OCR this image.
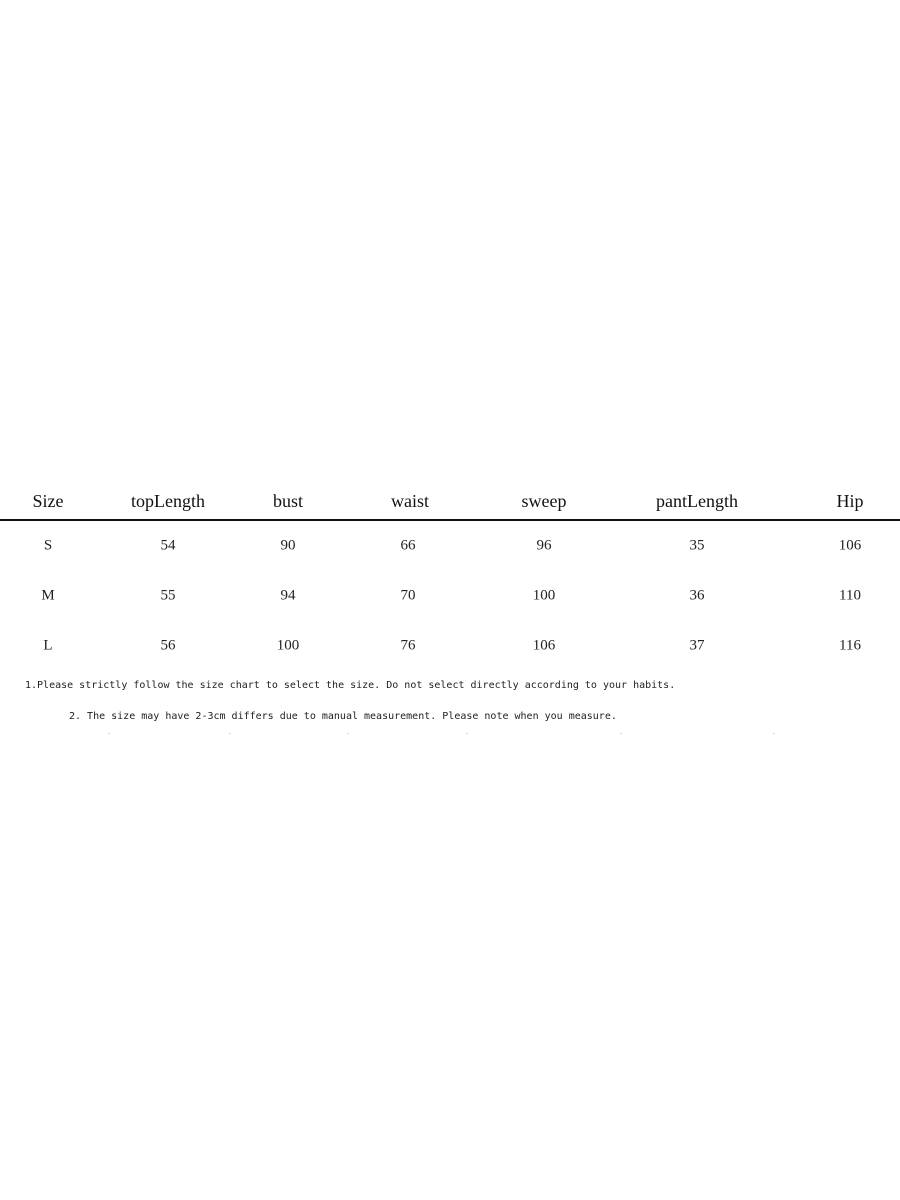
Size	topLength	bust	waist	sweep	pantLength	Hip
S	54	90	66	96	35	106
M	55	94	70	100	36	110
L	56	100	76	106	37	116
1.Please strictly follow the size chart to select the size. Do not select directly according to your habits.
2. The size may have 2-3cm differs due to manual measurement. Please note when you measure.
